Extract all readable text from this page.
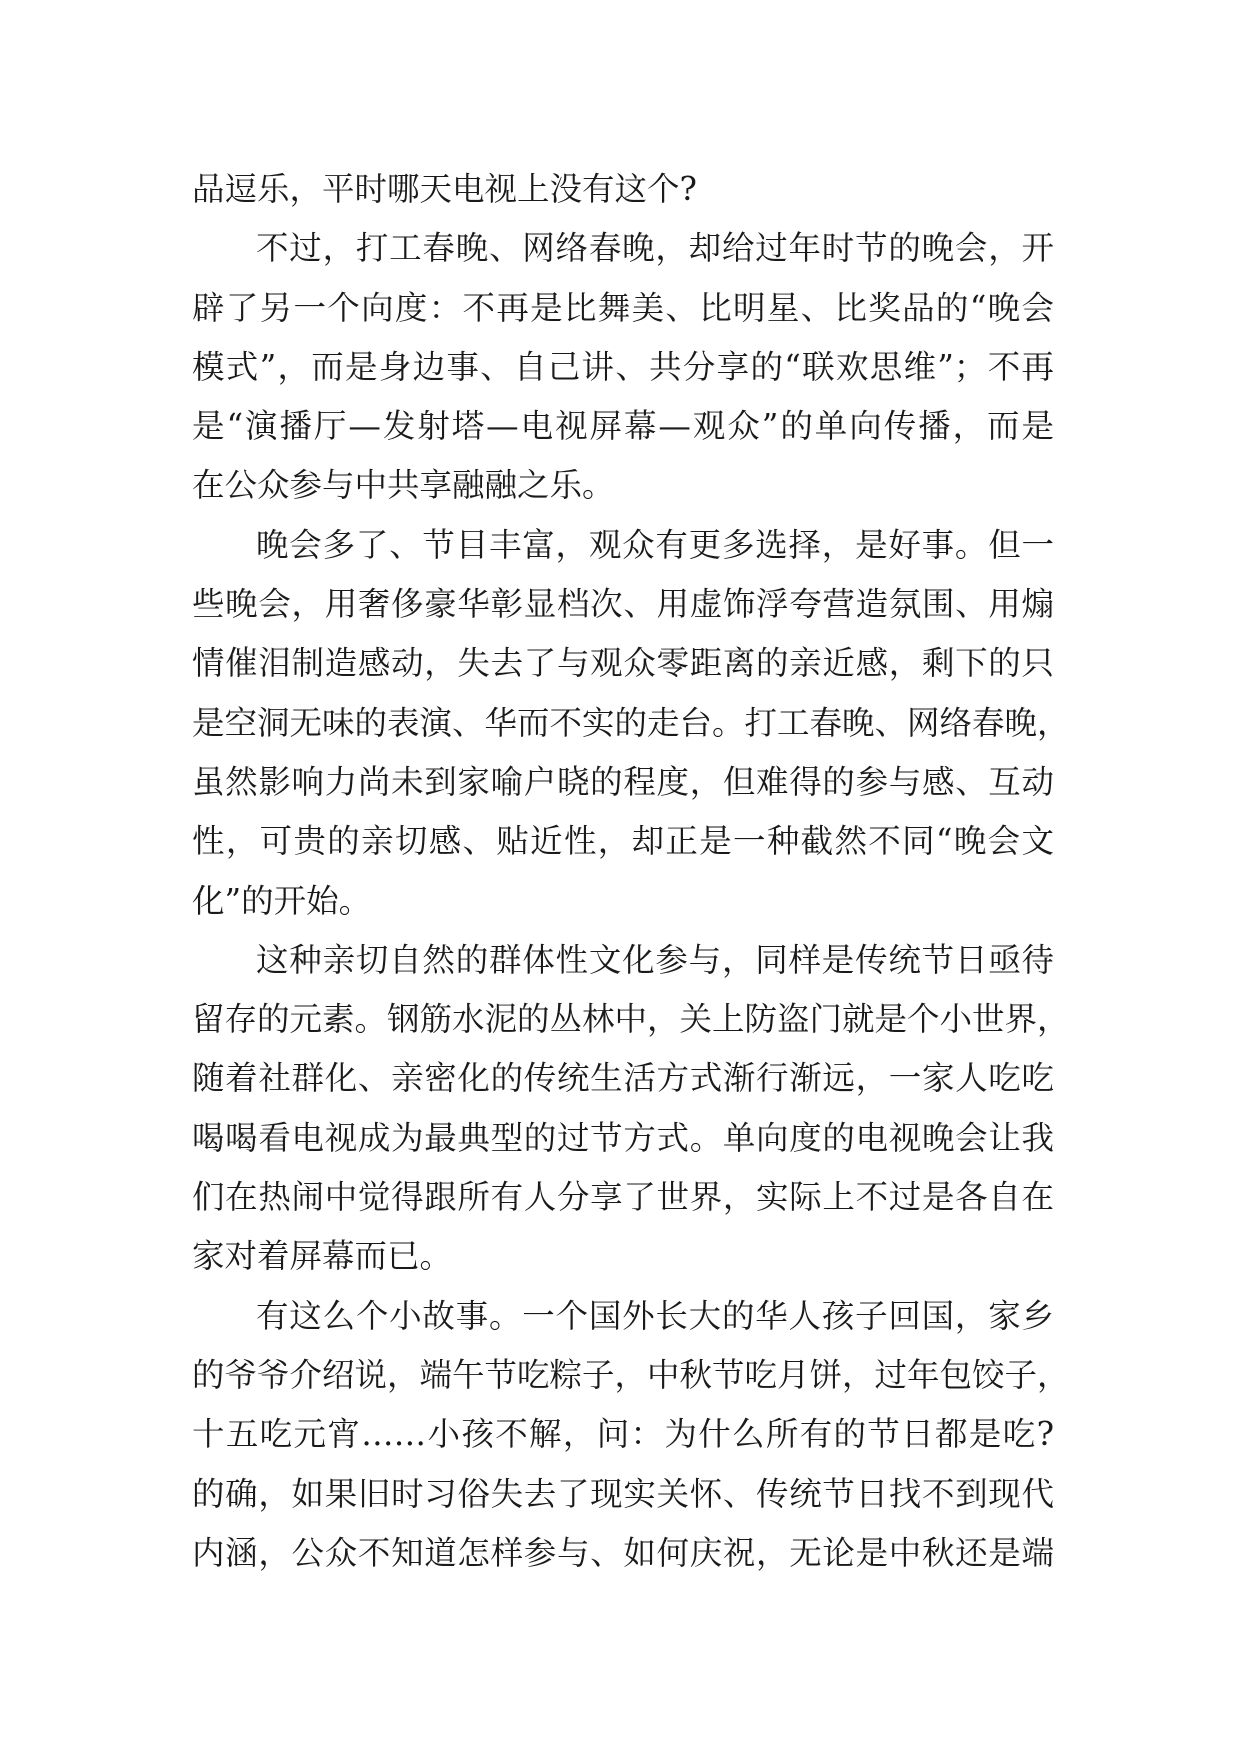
品逗乐，平时哪天电视上没有这个?
不过，打工春晚、网络春晚，却给过年时节的晚会，开
辟了另一个向度：不再是比舞美、比明星、比奖品的“晚会
模式”，而是身边事、自己讲、共分享的“联欢思维”；不再
是“演播厅—发射塔—电视屏幕—观众”的单向传播，而是
在公众参与中共享融融之乐。
晚会多了、节目丰富，观众有更多选择，是好事。但一
些晚会，用奢侈豪华彰显档次、用虚饰浮夸营造氛围、用煽
情催泪制造感动，失去了与观众零距离的亲近感，剩下的只
是空洞无味的表演、华而不实的走台。打工春晚、网络春晚，
虽然影响力尚未到家喻户晓的程度，但难得的参与感、互动
性，可贵的亲切感、贴近性，却正是一种截然不同“晚会文
化”的开始。
这种亲切自然的群体性文化参与，同样是传统节日亟待
留存的元素。钢筋水泥的丛林中，关上防盗门就是个小世界，
随着社群化、亲密化的传统生活方式渐行渐远，一家人吃吃
喝喝看电视成为最典型的过节方式。单向度的电视晚会让我
们在热闹中觉得跟所有人分享了世界，实际上不过是各自在
家对着屏幕而已。
有这么个小故事。一个国外长大的华人孩子回国，家乡
的爷爷介绍说，端午节吃粽子，中秋节吃月饼，过年包饺子，
十五吃元宵……小孩不解，问：为什么所有的节日都是吃?
的确，如果旧时习俗失去了现实关怀、传统节日找不到现代
内涵，公众不知道怎样参与、如何庆祝，无论是中秋还是端
